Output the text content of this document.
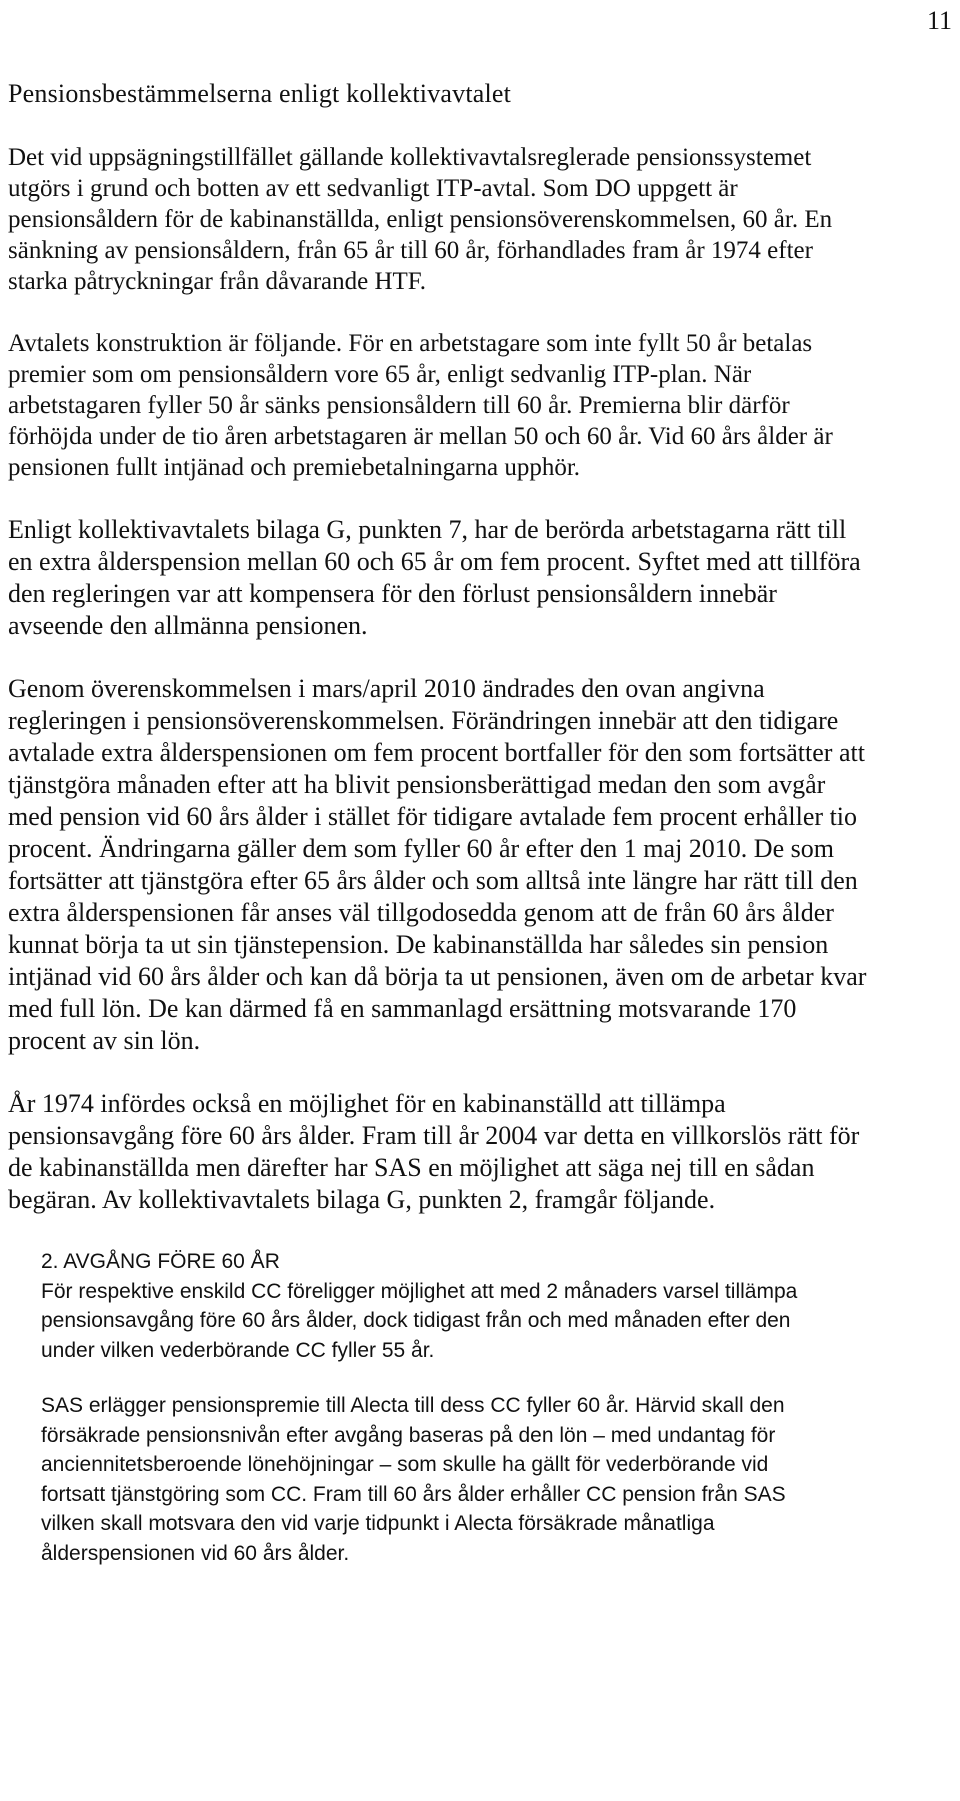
11
Pensionsbestämmelserna enligt kollektivavtalet

Det vid uppsägningstillfället gällande kollektivavtalsreglerade pensionssystemet utgörs i grund och botten av ett sedvanligt ITP-avtal. Som DO uppgett är pensionsåldern för de kabinanställda, enligt pensionsöverenskommelsen, 60 år. En sänkning av pensionsåldern, från 65 år till 60 år, förhandlades fram år 1974 efter starka påtryckningar från dåvarande HTF.

Avtalets konstruktion är följande. För en arbetstagare som inte fyllt 50 år betalas premier som om pensionsåldern vore 65 år, enligt sedvanlig ITP-plan. När arbetstagaren fyller 50 år sänks pensionsåldern till 60 år. Premierna blir därför förhöjda under de tio åren arbetstagaren är mellan 50 och 60 år. Vid 60 års ålder är pensionen fullt intjänad och premiebetalningarna upphör.

Enligt kollektivavtalets bilaga G, punkten 7, har de berörda arbetstagarna rätt till en extra ålderspension mellan 60 och 65 år om fem procent. Syftet med att tillföra den regleringen var att kompensera för den förlust pensionsåldern innebär avseende den allmänna pensionen.

Genom överenskommelsen i mars/april 2010 ändrades den ovan angivna regleringen i pensionsöverenskommelsen. Förändringen innebär att den tidigare avtalade extra ålderspensionen om fem procent bortfaller för den som fortsätter att tjänstgöra månaden efter att ha blivit pensionsberättigad medan den som avgår med pension vid 60 års ålder i stället för tidigare avtalade fem procent erhåller tio procent. Ändringarna gäller dem som fyller 60 år efter den 1 maj 2010. De som fortsätter att tjänstgöra efter 65 års ålder och som alltså inte längre har rätt till den extra ålderspensionen får anses väl tillgodosedda genom att de från 60 års ålder kunnat börja ta ut sin tjänstepension. De kabinanställda har således sin pension intjänad vid 60 års ålder och kan då börja ta ut pensionen, även om de arbetar kvar med full lön. De kan därmed få en sammanlagd ersättning motsvarande 170 procent av sin lön.

År 1974 infördes också en möjlighet för en kabinanställd att tillämpa pensionsavgång före 60 års ålder. Fram till år 2004 var detta en villkorslös rätt för de kabinanställda men därefter har SAS en möjlighet att säga nej till en sådan begäran. Av kollektivavtalets bilaga G, punkten 2, framgår följande.

2. AVGÅNG FÖRE 60 ÅR

För respektive enskild CC föreligger möjlighet att med 2 månaders varsel tillämpa pensionsavgång före 60 års ålder, dock tidigast från och med månaden efter den under vilken vederbörande CC fyller 55 år.

SAS erlägger pensionspremie till Alecta till dess CC fyller 60 år. Härvid skall den försäkrade pensionsnivån efter avgång baseras på den lön – med undantag för anciennitetsberoende lönehöjningar – som skulle ha gällt för vederbörande vid fortsatt tjänstgöring som CC. Fram till 60 års ålder erhåller CC pension från SAS vilken skall motsvara den vid varje tidpunkt i Alecta försäkrade månatliga ålderspensionen vid 60 års ålder.
